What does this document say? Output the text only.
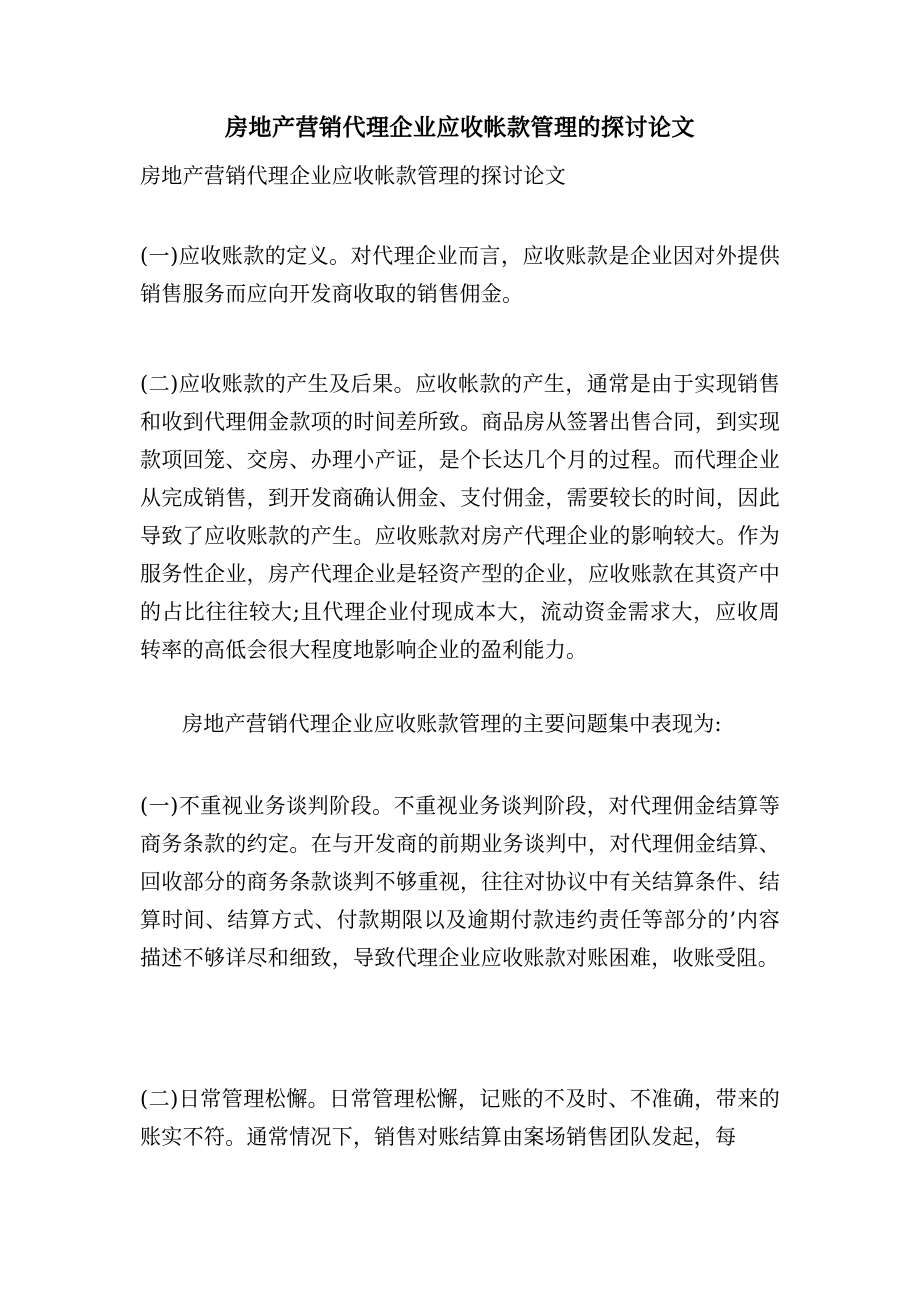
房地产营销代理企业应收帐款管理的探讨论文

房地产营销代理企业应收帐款管理的探讨论文

(一)应收账款的定义。对代理企业而言，应收账款是企业因对外提供销售服务而应向开发商收取的销售佣金。

(二)应收账款的产生及后果。应收帐款的产生，通常是由于实现销售和收到代理佣金款项的时间差所致。商品房从签署出售合同，到实现款项回笼、交房、办理小产证，是个长达几个月的过程。而代理企业从完成销售，到开发商确认佣金、支付佣金，需要较长的时间，因此导致了应收账款的产生。应收账款对房产代理企业的影响较大。作为服务性企业，房产代理企业是轻资产型的企业，应收账款在其资产中的占比往往较大;且代理企业付现成本大，流动资金需求大，应收周转率的高低会很大程度地影响企业的盈利能力。

房地产营销代理企业应收账款管理的主要问题集中表现为:

(一)不重视业务谈判阶段。不重视业务谈判阶段，对代理佣金结算等商务条款的约定。在与开发商的前期业务谈判中，对代理佣金结算、回收部分的商务条款谈判不够重视，往往对协议中有关结算条件、结算时间、结算方式、付款期限以及逾期付款违约责任等部分的’内容描述不够详尽和细致，导致代理企业应收账款对账困难，收账受阻。

(二)日常管理松懈。日常管理松懈，记账的不及时、不准确，带来的账实不符。通常情况下，销售对账结算由案场销售团队发起，每
